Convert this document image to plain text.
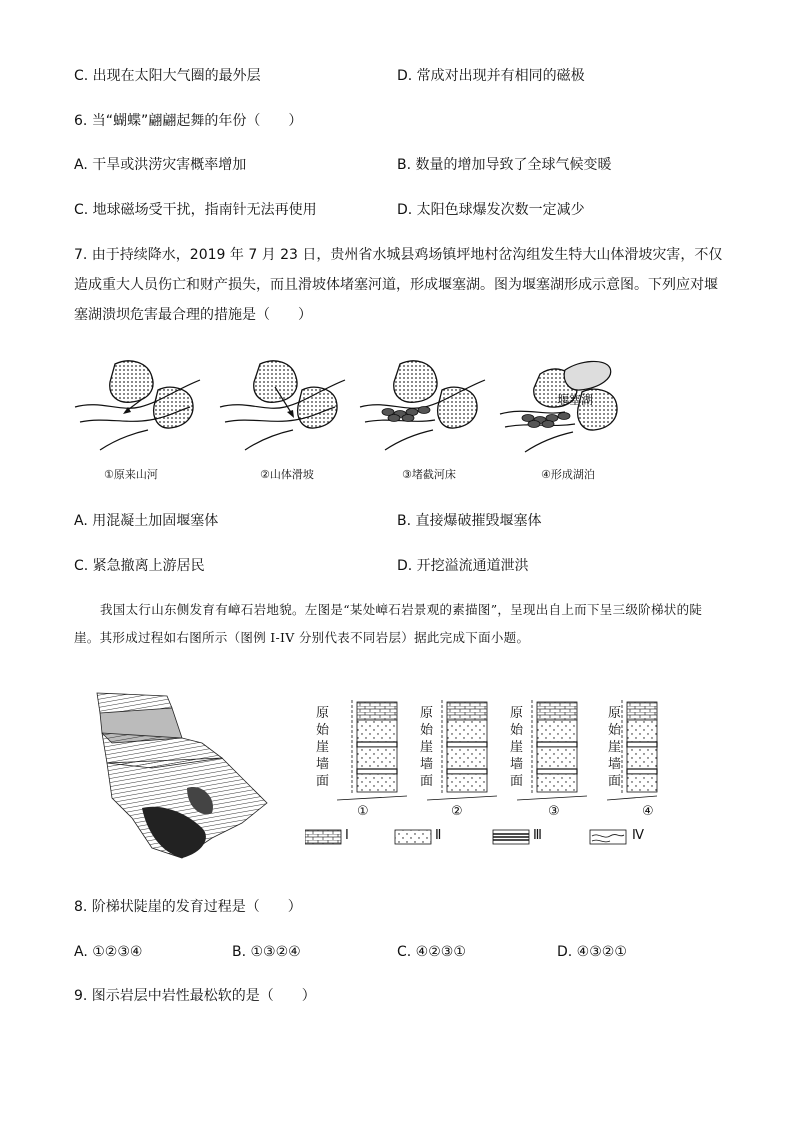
C. 出现在太阳大气圈的最外层	D. 常成对出现并有相同的磁极
6. 当“蝴蝶”翩翩起舞的年份（　　）
A. 干旱或洪涝灾害概率增加	B. 数量的增加导致了全球气候变暖
C. 地球磁场受干扰，指南针无法再使用	D. 太阳色球爆发次数一定减少
7. 由于持续降水，2019 年 7 月 23 日，贵州省水城县鸡场镇坪地村岔沟组发生特大山体滑坡灾害，不仅造成重大人员伤亡和财产损失，而且滑坡体堵塞河道，形成堰塞湖。图为堰塞湖形成示意图。下列应对堰塞湖溃坝危害最合理的措施是（　　）
堰塞湖
①原来山河	②山体滑坡	③堵截河床	④形成湖泊
A. 用混凝土加固堰塞体	B. 直接爆破摧毁堰塞体
C. 紧急撤离上游居民	D. 开挖溢流通道泄洪
我国太行山东侧发育有嶂石岩地貌。左图是“某处嶂石岩景观的素描图”，呈现出自上而下呈三级阶梯状的陡崖。其形成过程如右图所示（图例 I-IV 分别代表不同岩层）据此完成下面小题。
原始崖墙面
原始崖墙面
原始崖墙面
原始崖墙面
①	②	③	④
Ⅰ	Ⅱ	Ⅲ	Ⅳ
8. 阶梯状陡崖的发育过程是（　　）
A. ①②③④	B. ①③②④	C. ④②③①	D. ④③②①
9. 图示岩层中岩性最松软的是（　　）
